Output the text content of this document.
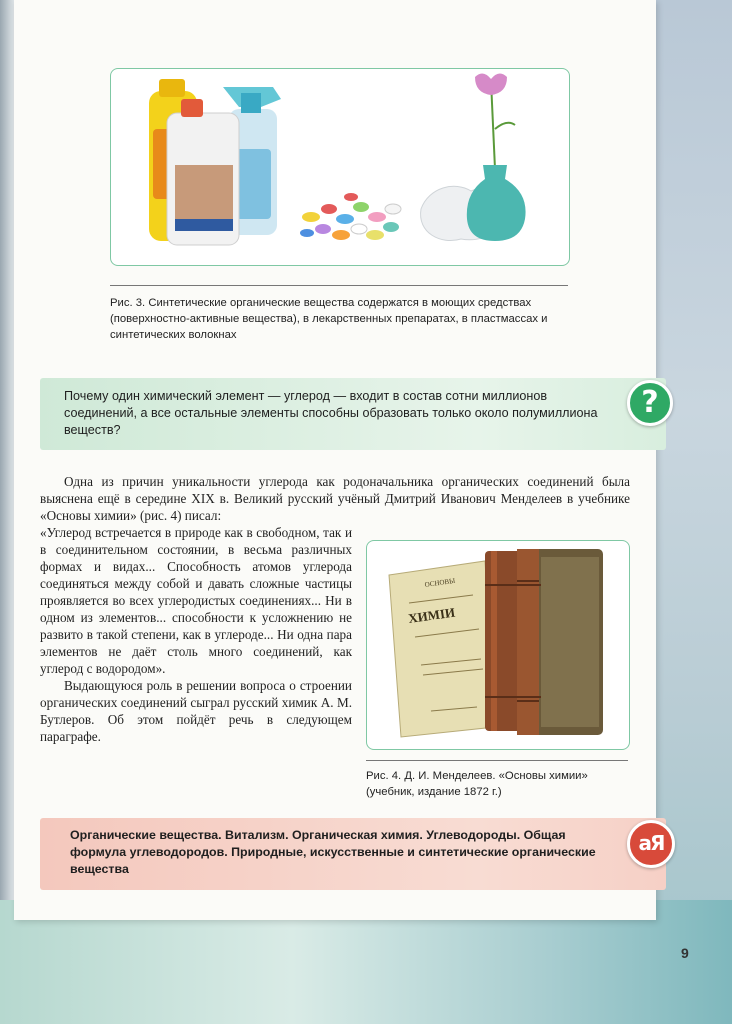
Рис. 3. Синтетические органические вещества содержатся в моющих средствах (поверхностно-активные вещества), в лекарственных препаратах, в пластмассах и синтетических волокнах
Почему один химический элемент — углерод — входит в состав сотни миллионов соединений, а все остальные элементы способны образовать только около полумиллиона веществ?
?

Одна из причин уникальности углерода как родоначальника органических соединений была выяснена ещё в середине XIX в. Великий русский учёный Дмитрий Иванович Менделеев в учебнике «Основы химии» (рис. 4) писал:

«Углерод встречается в природе как в свободном, так и в соединительном состоянии, в весьма различных формах и видах... Способность атомов углерода соединяться между собой и давать сложные частицы проявляется во всех углеродистых соединениях... Ни в одном из элементов... способности к усложнению не развито в такой степени, как в углероде... Ни одна пара элементов не даёт столь много соединений, как углерод с водородом».

Выдающуюся роль в решении вопроса о строении органических соединений сыграл русский химик А. М. Бутлеров. Об этом пойдёт речь в следующем параграфе.

ОСНОВЫ
ХИМІИ
Рис. 4. Д. И. Менделеев. «Основы химии» (учебник, издание 1872 г.)
Органические вещества. Витализм. Органическая химия. Углеводороды. Общая формула углеводородов. Природные, искусственные и синтетические органические вещества
аЯ
9
